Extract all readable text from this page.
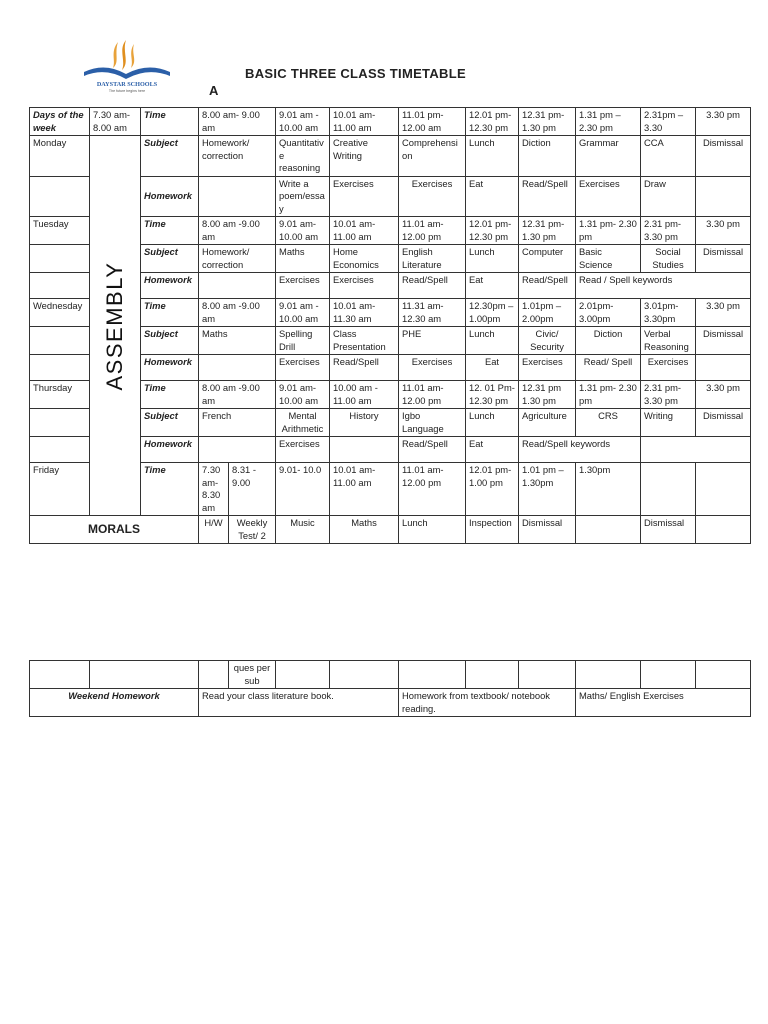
DAYSTAR SCHOOLS
The future begins here
BASIC THREE CLASS TIMETABLE
A
Days of the week	7.30 am- 8.00 am	Time	8.00 am- 9.00 am		9.01 am - 10.00 am	10.01 am- 11.00 am	11.01 pm- 12.00 am	12.01 pm- 12.30 pm	12.31 pm- 1.30 pm	1.31 pm – 2.30 pm	2.31pm – 3.30	3.30 pm	
Monday	ASSEMBLY	Subject	Homework/ correction		Quantitative reasoning	Creative Writing	Comprehension	Lunch	Diction	Grammar	CCA	Dismissal	
		Homework			Write a poem/essay	Exercises	Exercises	Eat	Read/Spell	Exercises	Draw		
Tuesday		Time	8.00 am -9.00 am		9.01 am- 10.00 am	10.01 am- 11.00 am	11.01 am- 12.00 pm	12.01 pm- 12.30 pm	12.31 pm- 1.30 pm	1.31 pm- 2.30 pm	2.31 pm- 3.30 pm	3.30 pm	
		Subject	Homework/ correction		Maths	Home Economics	English Literature	Lunch	Computer	Basic Science	Social Studies	Dismissal	
		Homework			Exercises	Exercises	Read/Spell	Eat	Read/Spell	Read / Spell keywords			
Wednesday		Time	8.00 am -9.00 am		9.01 am - 10.00 am	10.01 am- 11.30 am	11.31 am- 12.30 am	12.30pm – 1.00pm	1.01pm – 2.00pm	2.01pm- 3.00pm	3.01pm- 3.30pm	3.30 pm	
		Subject	Maths		Spelling Drill	Class Presentation	PHE	Lunch	Civic/ Security	Diction	Verbal Reasoning	Dismissal	
		Homework			Exercises	Read/Spell	Exercises	Eat	Exercises	Read/ Spell	Exercises		
Thursday		Time	8.00 am -9.00 am		9.01 am- 10.00 am	10.00 am - 11.00 am	11.01 am- 12.00 pm	12. 01 Pm- 12.30 pm	12.31 pm 1.30 pm	1.31 pm- 2.30 pm	2.31 pm- 3.30 pm	3.30 pm	
		Subject	French		Mental Arithmetic	History	Igbo Language	Lunch	Agriculture	CRS	Writing	Dismissal	
		Homework			Exercises		Read/Spell	Eat	Read/Spell keywords				
Friday		Time	7.30 am- 8.30 am	8.31 - 9.00	9.01- 10.0	10.01 am- 11.00 am	11.01 am- 12.00 pm	12.01 pm- 1.00 pm	1.01 pm – 1.30pm	1.30pm			
MORALS			H/W	Weekly Test/ 2	Music	Maths	Lunch	Inspection	Dismissal		Dismissal		
			ques per sub								
Weekend Homework		Read your class literature book.				Homework from textbook/ notebook reading.			Maths/ English Exercises		
